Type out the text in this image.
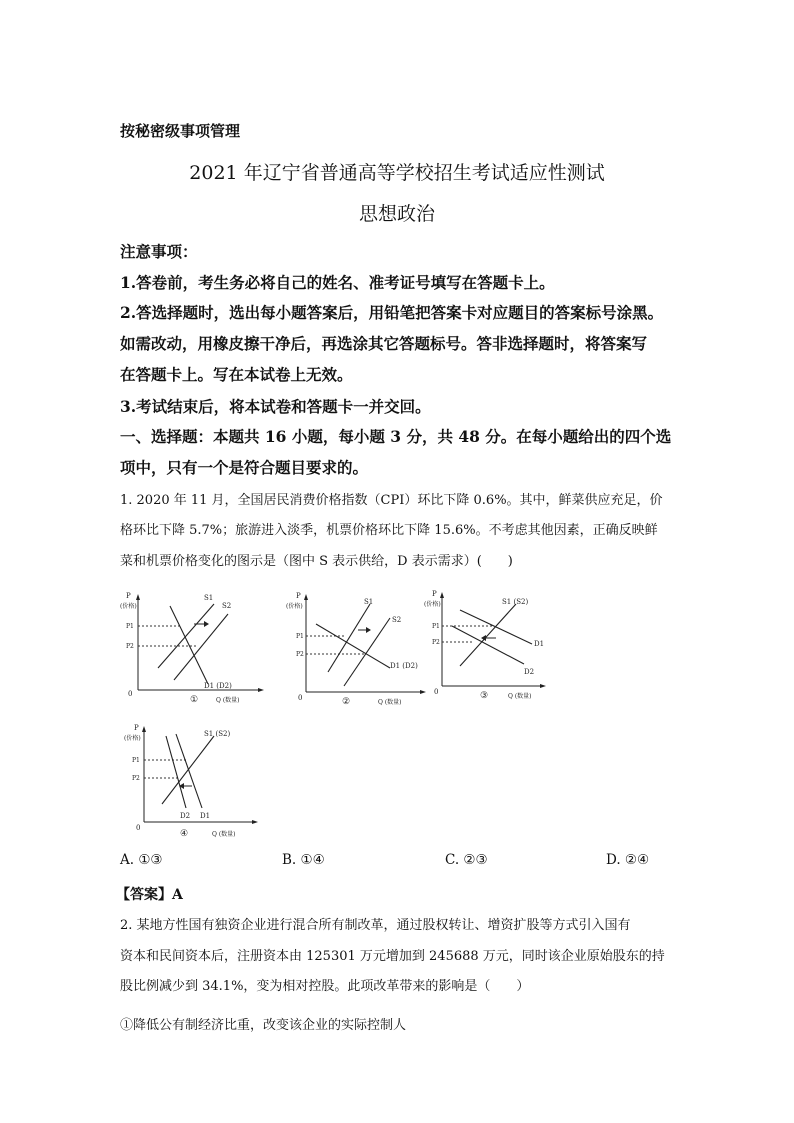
按秘密级事项管理
2021 年辽宁省普通高等学校招生考试适应性测试
思想政治
注意事项：
1.答卷前，考生务必将自己的姓名、准考证号填写在答题卡上。
2.答选择题时，选出每小题答案后，用铅笔把答案卡对应题目的答案标号涂黑。
如需改动，用橡皮擦干净后，再选涂其它答题标号。答非选择题时，将答案写
在答题卡上。写在本试卷上无效。
3.考试结束后，将本试卷和答题卡一并交回。
一、选择题：本题共 16 小题，每小题 3 分，共 48 分。在每小题给出的四个选
项中，只有一个是符合题目要求的。
1. 2020 年 11 月，全国居民消费价格指数（CPI）环比下降 0.6%。其中，鲜菜供应充足，价
格环比下降 5.7%；旅游进入淡季，机票价格环比下降 15.6%。不考虑其他因素，正确反映鲜
菜和机票价格变化的图示是（图中 S 表示供给，D 表示需求）(　　)
P
(价格)
P1
P2
0
S1
S2
D1 (D2)
①	Q (数量)
P
(价格)
P1
P2
0
S1
S2
D1 (D2)
②	Q (数量)
P
(价格)
P1
P2
0
S1 (S2)
D1
D2
③	Q (数量)
P
(价格)
P1
P2
0
S1 (S2)
D2 D1
④	Q (数量)
A. ①③	B. ①④	C. ②③	D. ②④
【答案】A
2. 某地方性国有独资企业进行混合所有制改革，通过股权转让、增资扩股等方式引入国有
资本和民间资本后，注册资本由 125301 万元增加到 245688 万元，同时该企业原始股东的持
股比例减少到 34.1%，变为相对控股。此项改革带来的影响是（　　）
①降低公有制经济比重，改变该企业的实际控制人
